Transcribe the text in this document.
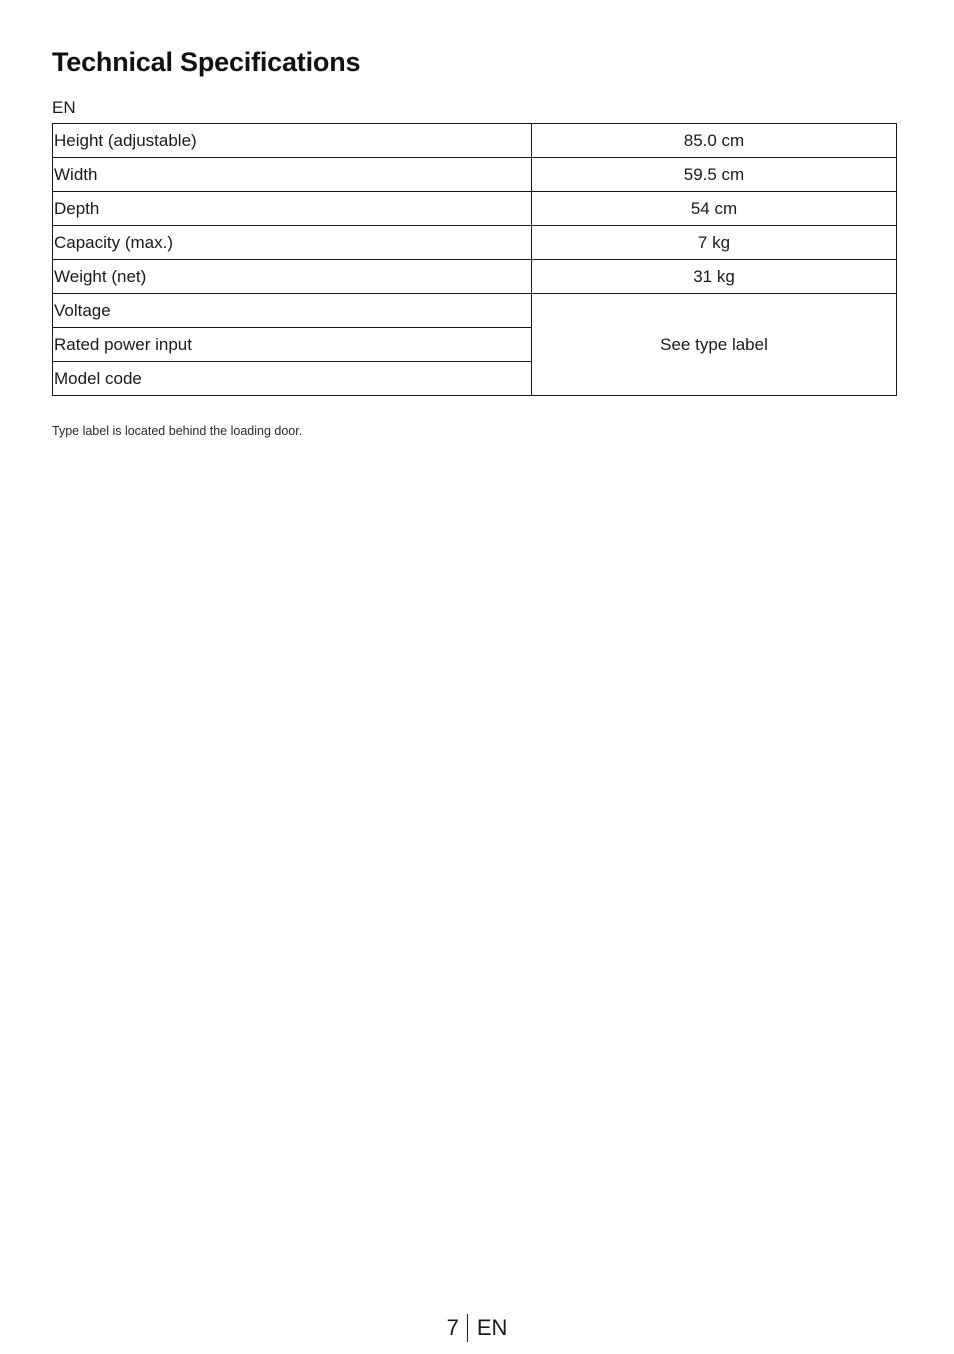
Technical Specifications
EN
Height (adjustable)	85.0 cm
Width	59.5 cm
Depth	54 cm
Capacity (max.)	7 kg
Weight (net)	31 kg
Voltage	See type label
Rated power input	
Model code	
Type label is located behind the loading door.
7 EN
